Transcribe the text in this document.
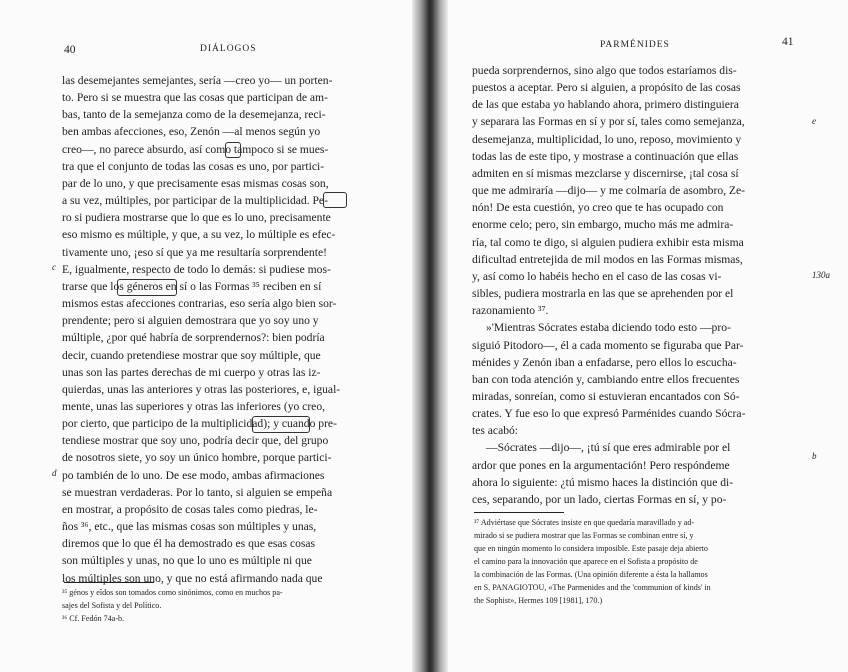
40	DIÁLOGOS

las desemejantes semejantes, sería —creo yo— un porten-

to. Pero si se muestra que las cosas que participan de am-

bas, tanto de la semejanza como de la desemejanza, reci-

ben ambas afecciones, eso, Zenón —al menos según yo

creo—, no parece absurdo, así como tampoco si se mues-

tra que el conjunto de todas las cosas es uno, por partici-

par de lo uno, y que precisamente esas mismas cosas son,

a su vez, múltiples, por participar de la multiplicidad. Pe-

ro si pudiera mostrarse que lo que es lo uno, precisamente

eso mismo es múltiple, y que, a su vez, lo múltiple es efec-

tivamente uno, ¡eso sí que ya me resultaría sorprendente!

E, igualmente, respecto de todo lo demás: si pudiese mos-

trarse que los géneros en sí o las Formas ³⁵ reciben en sí

mismos estas afecciones contrarias, eso sería algo bien sor-

prendente; pero si alguien demostrara que yo soy uno y

múltiple, ¿por qué habría de sorprendernos?: bien podría

decir, cuando pretendiese mostrar que soy múltiple, que

unas son las partes derechas de mi cuerpo y otras las iz-

quierdas, unas las anteriores y otras las posteriores, e, igual-

mente, unas las superiores y otras las inferiores (yo creo,

por cierto, que participo de la multiplicidad); y cuando pre-

tendiese mostrar que soy uno, podría decir que, del grupo

de nosotros siete, yo soy un único hombre, porque partici-

po también de lo uno. De ese modo, ambas afirmaciones

se muestran verdaderas. Por lo tanto, si alguien se empeña

en mostrar, a propósito de cosas tales como piedras, le-

ños ³⁶, etc., que las mismas cosas son múltiples y unas,

diremos que lo que él ha demostrado es que esas cosas

son múltiples y unas, no que lo uno es múltiple ni que

los múltiples son uno, y que no está afirmando nada que

c
d

³⁵ génos y eîdos son tomados como sinónimos, como en muchos pa-

sajes del Sofista y del Político.

³⁶ Cf. Fedón 74a-b.

41
PARMÉNIDES

pueda sorprendernos, sino algo que todos estaríamos dis-

puestos a aceptar. Pero si alguien, a propósito de las cosas

de las que estaba yo hablando ahora, primero distinguiera

y separara las Formas en sí y por sí, tales como semejanza,

desemejanza, multiplicidad, lo uno, reposo, movimiento y

todas las de este tipo, y mostrase a continuación que ellas

admiten en sí mismas mezclarse y discernirse, ¡tal cosa sí

que me admiraría —dijo— y me colmaría de asombro, Ze-

nón! De esta cuestión, yo creo que te has ocupado con

enorme celo; pero, sin embargo, mucho más me admira-

ría, tal como te digo, si alguien pudiera exhibir esta misma

dificultad entretejida de mil modos en las Formas mismas,

y, así como lo habéis hecho en el caso de las cosas vi-

sibles, pudiera mostrarla en las que se aprehenden por el

razonamiento ³⁷.

»'Mientras Sócrates estaba diciendo todo esto —pro-

siguió Pitodoro—, él a cada momento se figuraba que Par-

ménides y Zenón iban a enfadarse, pero ellos lo escucha-

ban con toda atención y, cambiando entre ellos frecuentes

miradas, sonreían, como si estuvieran encantados con Só-

crates. Y fue eso lo que expresó Parménides cuando Sócra-

tes acabó:

—Sócrates —dijo—, ¡tú sí que eres admirable por el

ardor que pones en la argumentación! Pero respóndeme

ahora lo siguiente: ¿tú mismo haces la distinción que di-

ces, separando, por un lado, ciertas Formas en sí, y po-

e
130a
b

³⁷ Adviértase que Sócrates insiste en que quedaría maravillado y ad-

mirado si se pudiera mostrar que las Formas se combinan entre sí, y

que en ningún momento lo considera imposible. Este pasaje deja abierto

el camino para la innovación que aparece en el Sofista a propósito de

la combinación de las Formas. (Una opinión diferente a ésta la hallamos

en S. PANAGIOTOU, «The Parmenides and the 'communion of kinds' in

the Sophist», Hermes 109 [1981], 170.)
